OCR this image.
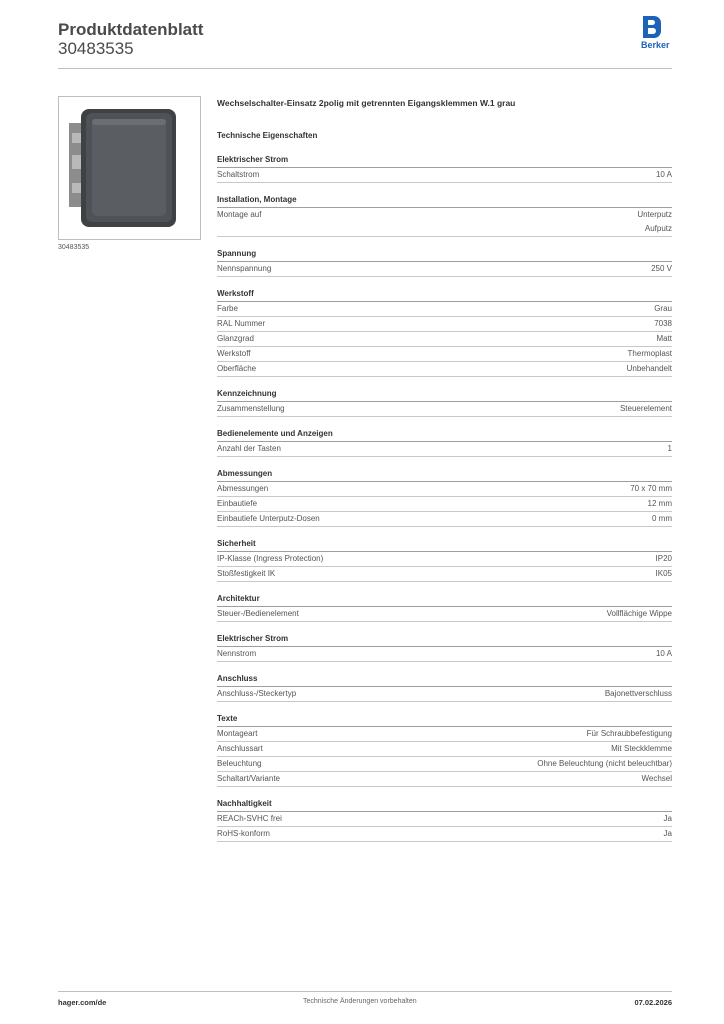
Produktdatenblatt
30483535	Berker
30483535
Wechselschalter-Einsatz 2polig mit getrennten Eigangsklemmen W.1 grau
Technische Eigenschaften
Elektrischer Strom
Schaltstrom	10 A
Installation, Montage
Montage auf	Unterputz
Aufputz
Spannung
Nennspannung	250 V
Werkstoff
Farbe	Grau
RAL Nummer	7038
Glanzgrad	Matt
Werkstoff	Thermoplast
Oberfläche	Unbehandelt
Kennzeichnung
Zusammenstellung	Steuerelement
Bedienelemente und Anzeigen
Anzahl der Tasten	1
Abmessungen
Abmessungen	70 x 70 mm
Einbautiefe	12 mm
Einbautiefe Unterputz-Dosen	0 mm
Sicherheit
IP-Klasse (Ingress Protection)	IP20
Stoßfestigkeit IK	IK05
Architektur
Steuer-/Bedienelement	Vollflächige Wippe
Elektrischer Strom
Nennstrom	10 A
Anschluss
Anschluss-/Steckertyp	Bajonettverschluss
Texte
Montageart	Für Schraubbefestigung
Anschlussart	Mit Steckklemme
Beleuchtung	Ohne Beleuchtung (nicht beleuchtbar)
Schaltart/Variante	Wechsel
Nachhaltigkeit
REACh-SVHC frei	Ja
RoHS-konform	Ja
hager.com/de	Technische Änderungen vorbehalten	07.02.2026
